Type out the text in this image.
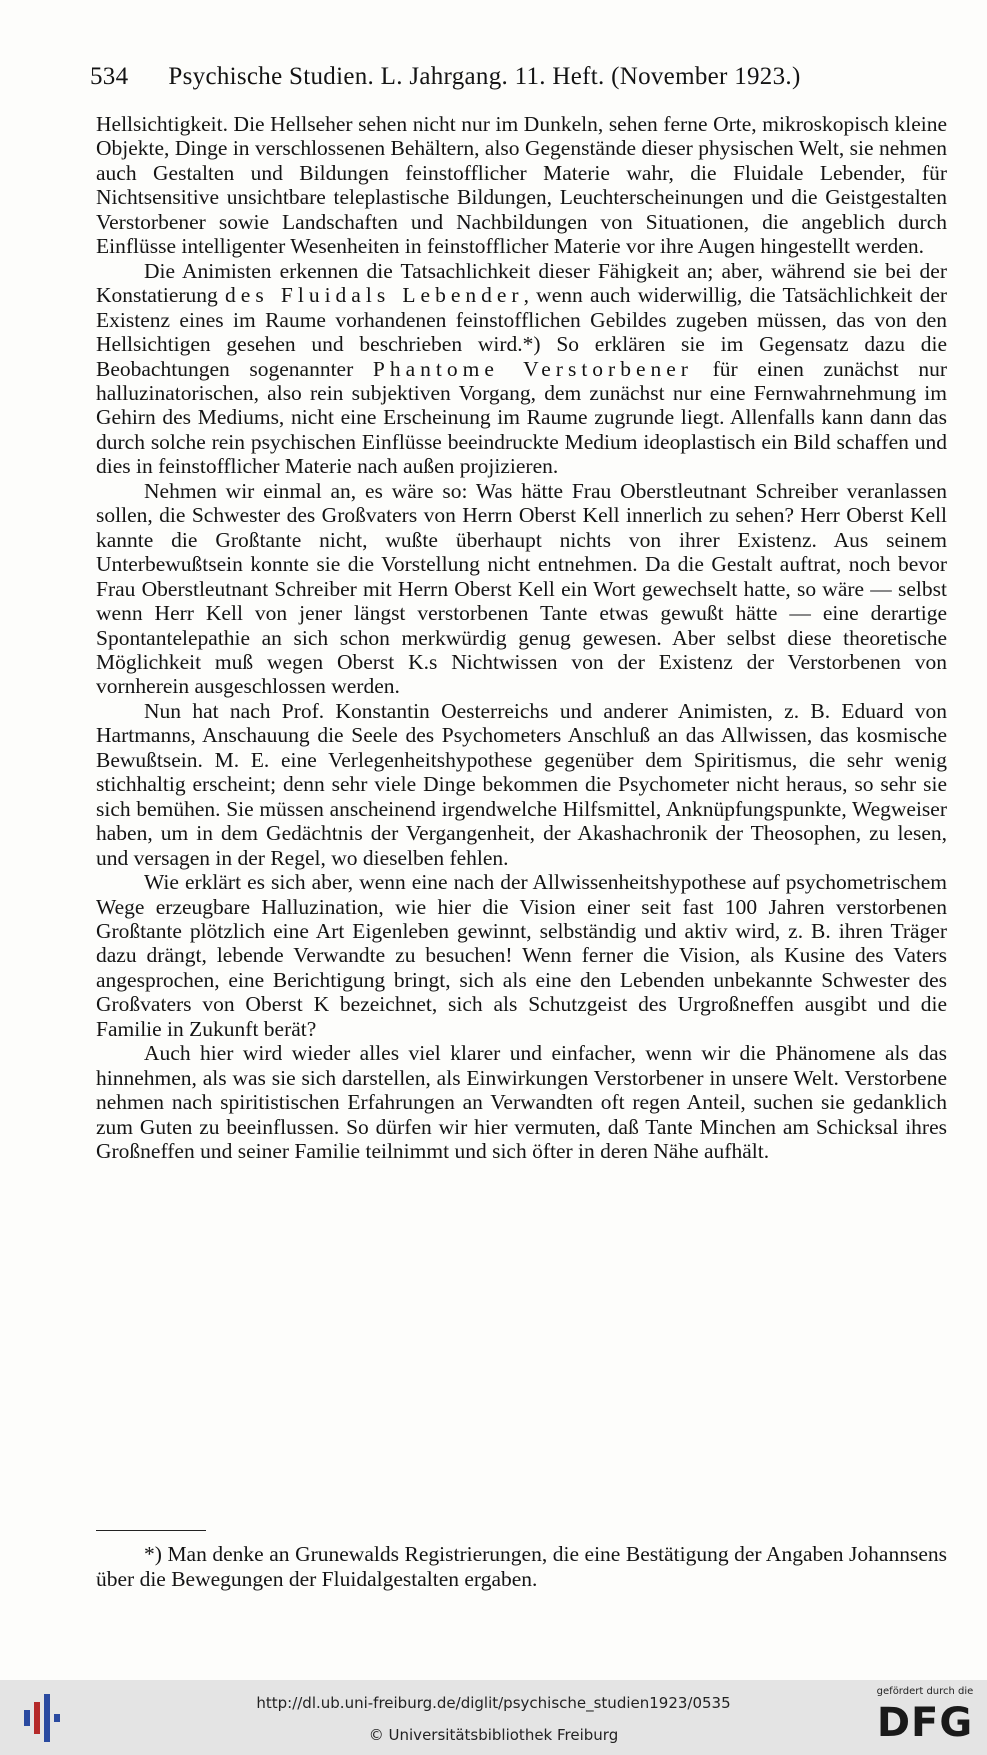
534 Psychische Studien. L. Jahrgang. 11. Heft. (November 1923.)

Hellsichtigkeit. Die Hellseher sehen nicht nur im Dunkeln, sehen ferne Orte, mikroskopisch kleine Objekte, Dinge in verschlossenen Behältern, also Gegenstände dieser physischen Welt, sie nehmen auch Gestalten und Bildungen feinstofflicher Materie wahr, die Fluidale Lebender, für Nichtsensitive unsichtbare teleplastische Bildungen, Leuchterscheinungen und die Geistgestalten Verstorbener sowie Landschaften und Nachbildungen von Situationen, die angeblich durch Einflüsse intelligenter Wesenheiten in feinstofflicher Materie vor ihre Augen hingestellt werden.

Die Animisten erkennen die Tatsachlichkeit dieser Fähigkeit an; aber, während sie bei der Konstatierung des Fluidals Lebender, wenn auch widerwillig, die Tatsächlichkeit der Existenz eines im Raume vorhandenen feinstofflichen Gebildes zugeben müssen, das von den Hellsichtigen gesehen und beschrieben wird.*) So erklären sie im Gegensatz dazu die Beobachtungen sogenannter Phantome Verstorbener für einen zunächst nur halluzinatorischen, also rein subjektiven Vorgang, dem zunächst nur eine Fernwahrnehmung im Gehirn des Mediums, nicht eine Erscheinung im Raume zugrunde liegt. Allenfalls kann dann das durch solche rein psychischen Einflüsse beeindruckte Medium ideoplastisch ein Bild schaffen und dies in feinstofflicher Materie nach außen projizieren.

Nehmen wir einmal an, es wäre so: Was hätte Frau Oberstleutnant Schreiber veranlassen sollen, die Schwester des Großvaters von Herrn Oberst Kell innerlich zu sehen? Herr Oberst Kell kannte die Großtante nicht, wußte überhaupt nichts von ihrer Existenz. Aus seinem Unterbewußtsein konnte sie die Vorstellung nicht entnehmen. Da die Gestalt auftrat, noch bevor Frau Oberstleutnant Schreiber mit Herrn Oberst Kell ein Wort gewechselt hatte, so wäre — selbst wenn Herr Kell von jener längst verstorbenen Tante etwas gewußt hätte — eine derartige Spontantelepathie an sich schon merkwürdig genug gewesen. Aber selbst diese theoretische Möglichkeit muß wegen Oberst K.s Nichtwissen von der Existenz der Verstorbenen von vornherein ausgeschlossen werden.

Nun hat nach Prof. Konstantin Oesterreichs und anderer Animisten, z. B. Eduard von Hartmanns, Anschauung die Seele des Psychometers Anschluß an das Allwissen, das kosmische Bewußtsein. M. E. eine Verlegenheitshypothese gegenüber dem Spiritismus, die sehr wenig stichhaltig erscheint; denn sehr viele Dinge bekommen die Psychometer nicht heraus, so sehr sie sich bemühen. Sie müssen anscheinend irgendwelche Hilfsmittel, Anknüpfungspunkte, Wegweiser haben, um in dem Gedächtnis der Vergangenheit, der Akashachronik der Theosophen, zu lesen, und versagen in der Regel, wo dieselben fehlen.

Wie erklärt es sich aber, wenn eine nach der Allwissenheitshypothese auf psychometrischem Wege erzeugbare Halluzination, wie hier die Vision einer seit fast 100 Jahren verstorbenen Großtante plötzlich eine Art Eigenleben gewinnt, selbständig und aktiv wird, z. B. ihren Träger dazu drängt, lebende Verwandte zu besuchen! Wenn ferner die Vision, als Kusine des Vaters angesprochen, eine Berichtigung bringt, sich als eine den Lebenden unbekannte Schwester des Großvaters von Oberst K bezeichnet, sich als Schutzgeist des Urgroßneffen ausgibt und die Familie in Zukunft berät?

Auch hier wird wieder alles viel klarer und einfacher, wenn wir die Phänomene als das hinnehmen, als was sie sich darstellen, als Einwirkungen Verstorbener in unsere Welt. Verstorbene nehmen nach spiritistischen Erfahrungen an Verwandten oft regen Anteil, suchen sie gedanklich zum Guten zu beeinflussen. So dürfen wir hier vermuten, daß Tante Minchen am Schicksal ihres Großneffen und seiner Familie teilnimmt und sich öfter in deren Nähe aufhält.

*) Man denke an Grunewalds Registrierungen, die eine Bestätigung der Angaben Johannsens über die Bewegungen der Fluidalgestalten ergaben.

http://dl.ub.uni-freiburg.de/diglit/psychische_studien1923/0535
© Universitätsbibliothek Freiburg
gefördert durch die
DFG
